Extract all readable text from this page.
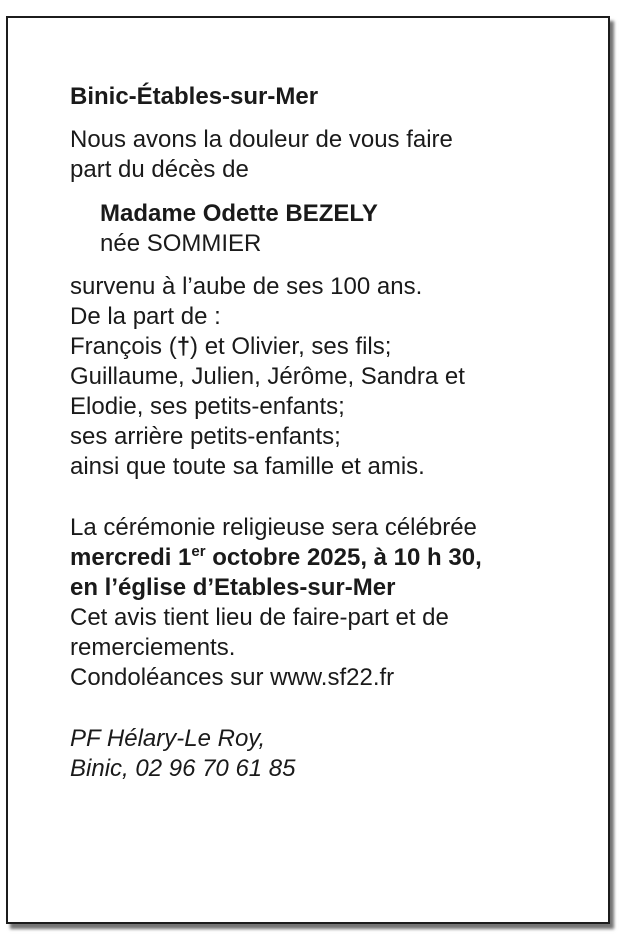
Binic-Étables-sur-Mer
Nous avons la douleur de vous faire
part du décès de
Madame Odette BEZELY
née SOMMIER
survenu à l’aube de ses 100 ans.
De la part de :
François (†) et Olivier, ses fils;
Guillaume, Julien, Jérôme, Sandra et
Elodie, ses petits-enfants;
ses arrière petits-enfants;
ainsi que toute sa famille et amis.
La cérémonie religieuse sera célébrée
mercredi 1er octobre 2025, à 10 h 30,
en l’église d’Etables-sur-Mer
Cet avis tient lieu de faire-part et de
remerciements.
Condoléances sur www.sf22.fr
PF Hélary-Le Roy,
Binic, 02 96 70 61 85
